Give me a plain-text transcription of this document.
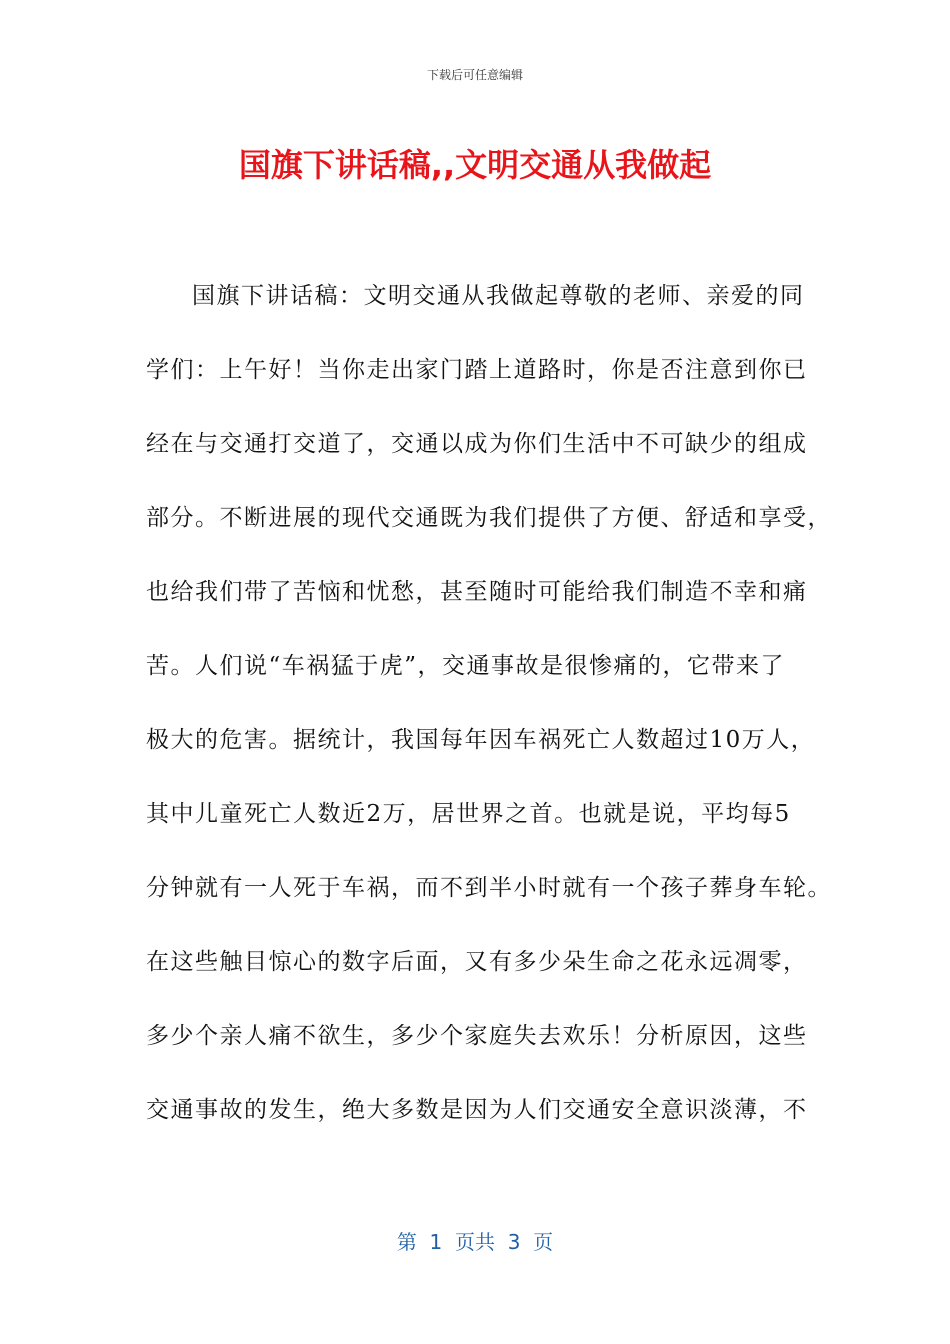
下载后可任意编辑
国旗下讲话稿,,文明交通从我做起
国旗下讲话稿：文明交通从我做起尊敬的老师、亲爱的同
学们：上午好！当你走出家门踏上道路时，你是否注意到你已
经在与交通打交道了，交通以成为你们生活中不可缺少的组成
部分。不断进展的现代交通既为我们提供了方便、舒适和享受，
也给我们带了苦恼和忧愁，甚至随时可能给我们制造不幸和痛
苦。人们说“车祸猛于虎”，交通事故是很惨痛的，它带来了
极大的危害。据统计，我国每年因车祸死亡人数超过10万人，
其中儿童死亡人数近2万，居世界之首。也就是说，平均每5
分钟就有一人死于车祸，而不到半小时就有一个孩子葬身车轮。
在这些触目惊心的数字后面，又有多少朵生命之花永远凋零，
多少个亲人痛不欲生，多少个家庭失去欢乐！分析原因，这些
交通事故的发生，绝大多数是因为人们交通安全意识淡薄，不
第  1  页共  3  页
